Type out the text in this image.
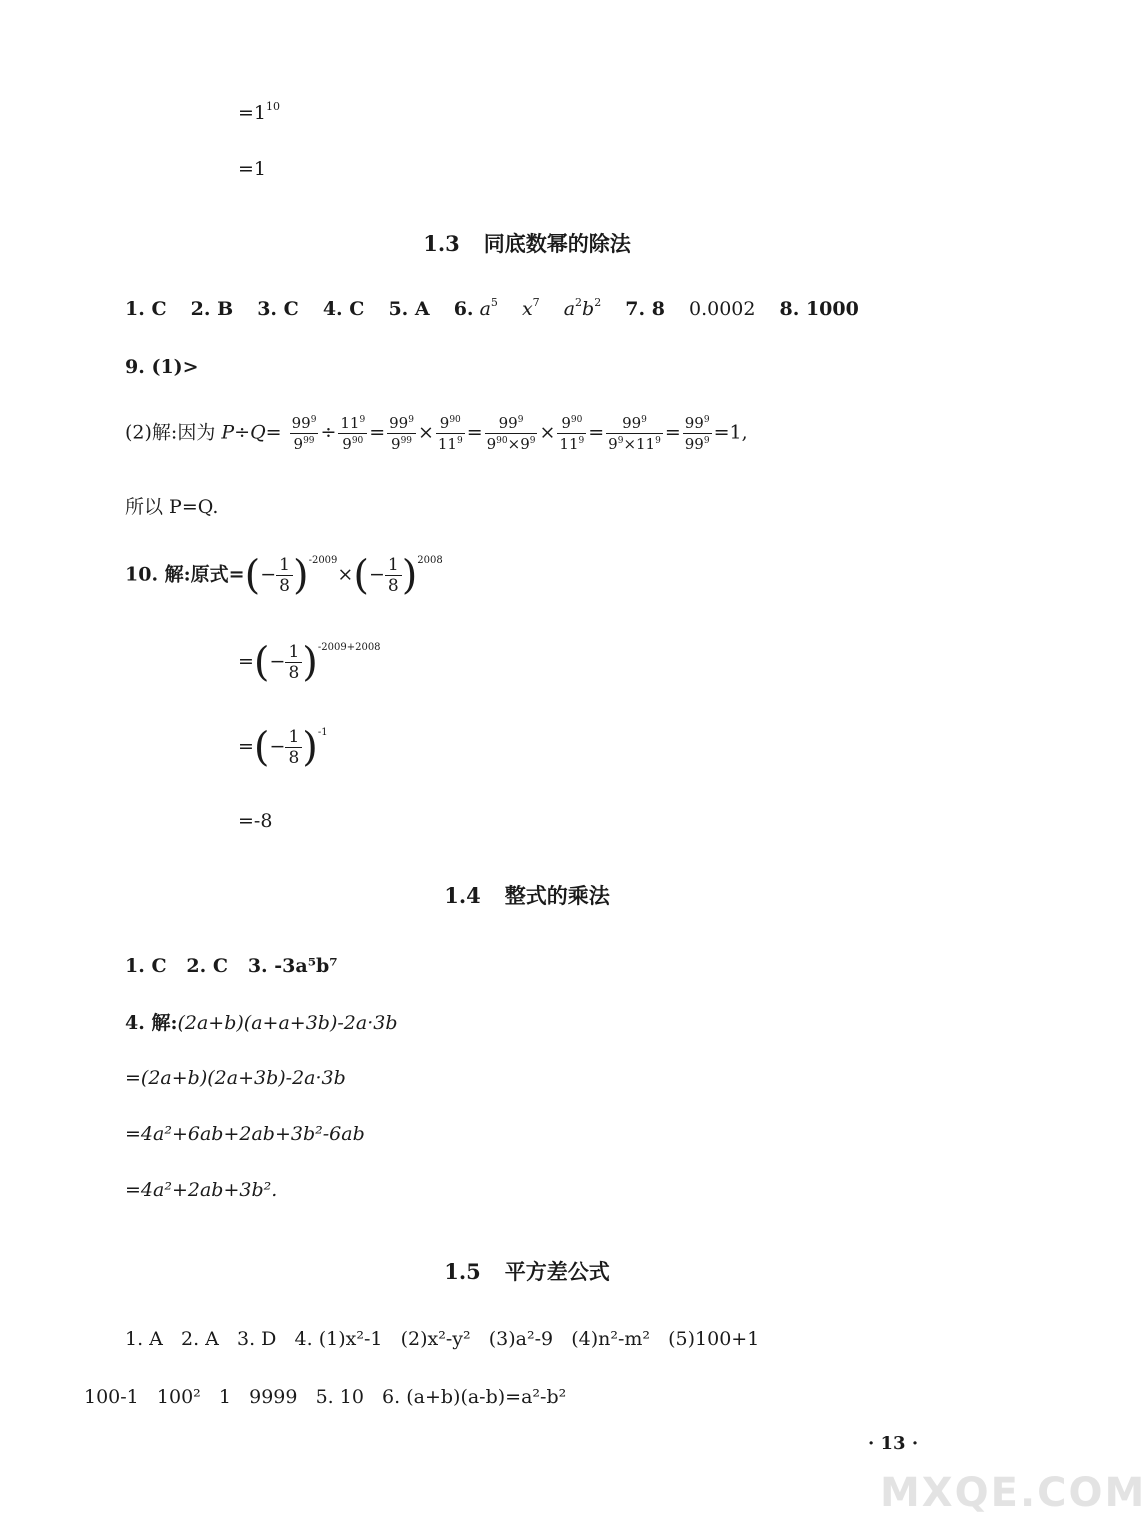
$=1^{10}$
=1
1.3 同底数幂的除法
1. C 2. B 3. C 4. C 5. A 6. $a^5$ $x^7$ $a^2b^2$ 7. 8 0.0002 8. 1000
9. (1)>
(2)解:因为 $P\div Q= \frac{99^9}{9^{99}} \div \frac{11^9}{9^{90}} = \frac{99^9}{9^{99}} \times \frac{9^{90}}{11^9} = \frac{99^9}{9^{90}\times 9^9} \times \frac{9^{90}}{11^9} = \frac{99^9}{9^9\times 11^9} = \frac{99^9}{99^9} =1$,
所以 P=Q.
10. 解:原式=(− $\frac{1}{8} )^{-2009}\times(- \frac{1}{8} )^{2008}$
=(− $\frac{1}{8} )^{-2009+2008}$
=(− $\frac{1}{8} )^{-1}$
=-8
1.4 整式的乘法
1. C   2. C   3. -3a⁵b⁷
4. 解:(2a+b)(a+a+3b)-2a·3b
=(2a+b)(2a+3b)-2a·3b
=4a²+6ab+2ab+3b²-6ab
=4a²+2ab+3b².
1.5 平方差公式
1. A   2. A   3. D   4. (1)x²-1   (2)x²-y²   (3)a²-9   (4)n²-m²   (5)100+1
100-1   100²   1   9999   5. 10   6. (a+b)(a-b)=a²-b²
· 13 ·
MXQE.COM
